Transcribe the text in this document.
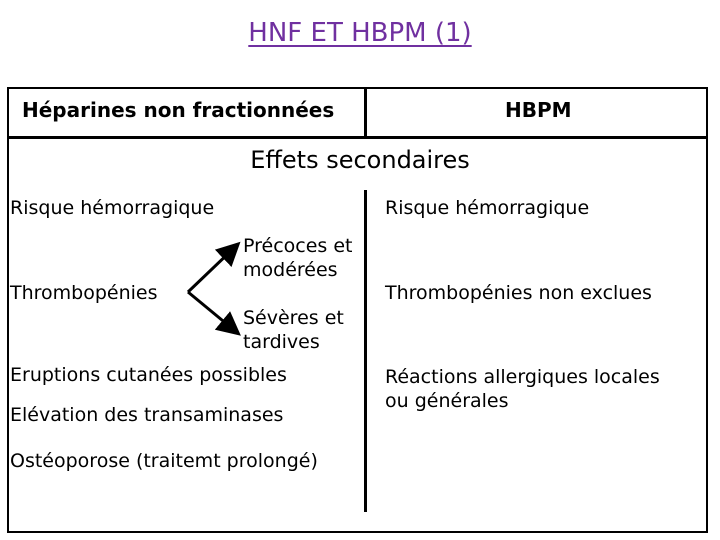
HNF ET HBPM (1)
Héparines non fractionnées	HBPM
Effets secondaires
Risque hémorragique
Précoces et
modérées
Thrombopénies
Sévères et
tardives
Eruptions cutanées possibles
Elévation des transaminases
Ostéoporose (traitemt prolongé)
Risque hémorragique
Thrombopénies non exclues
Réactions allergiques locales
ou générales
